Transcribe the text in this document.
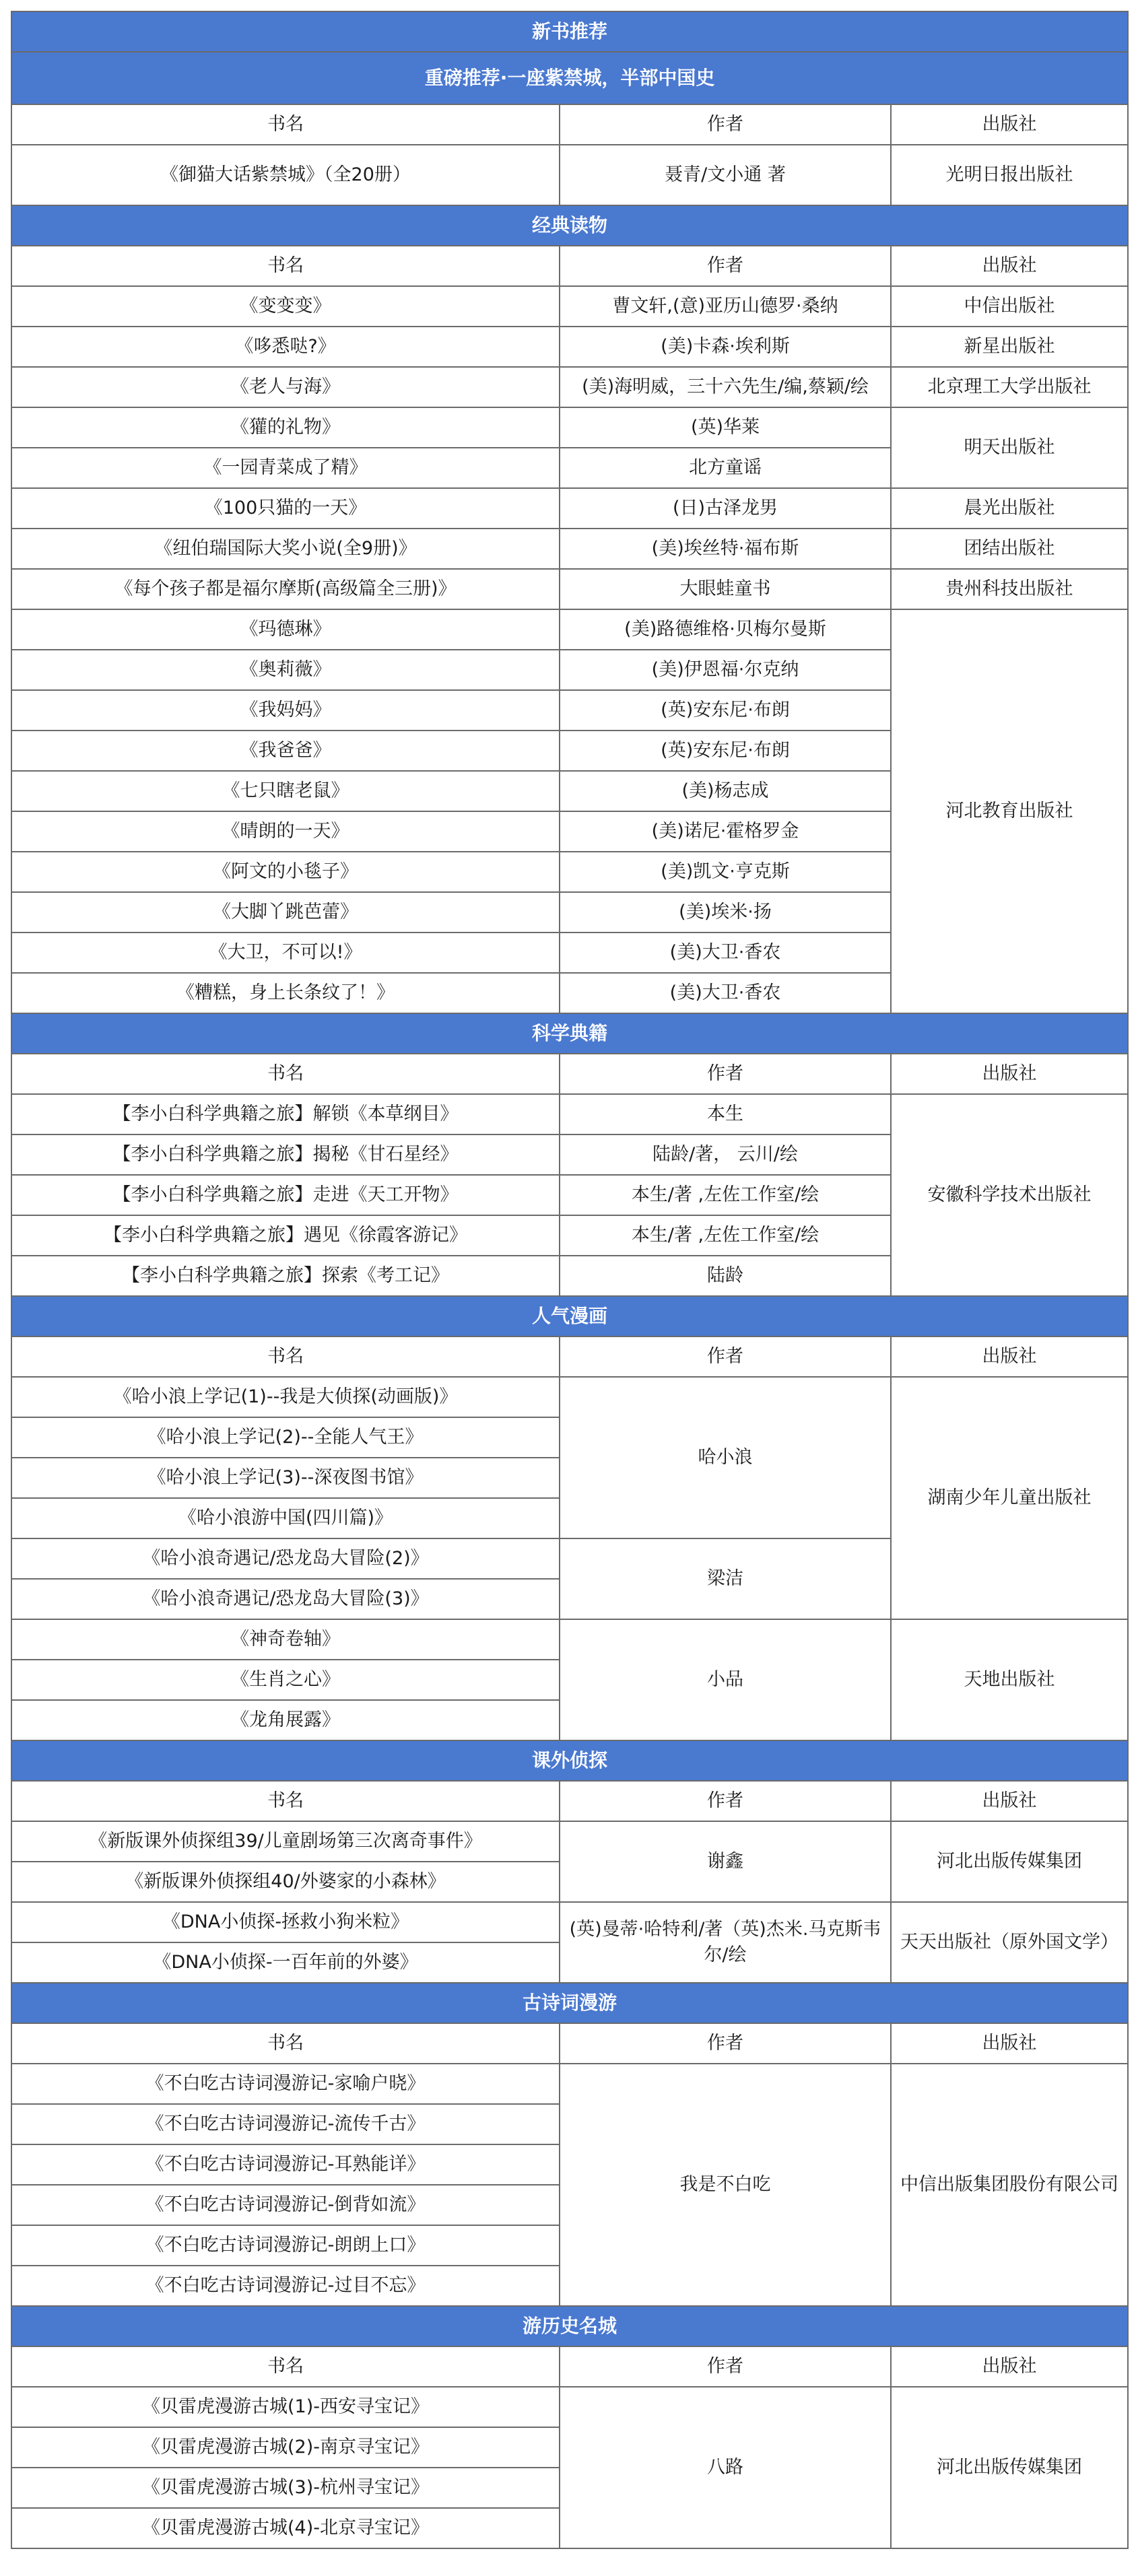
新书推荐		
重磅推荐·一座紫禁城，半部中国史		
书名	作者	出版社
《御猫大话紫禁城》（全20册）	聂青/文小通 著	光明日报出版社
经典读物		
书名	作者	出版社
《变变变》	曹文轩,(意)亚历山德罗·桑纳	中信出版社
《哆悉哒?》	(美)卡森·埃利斯	新星出版社
《老人与海》	(美)海明威，三十六先生/编,蔡颖/绘	北京理工大学出版社
《獾的礼物》	(英)华莱	明天出版社
《一园青菜成了精》	北方童谣	
《100只猫的一天》	(日)古泽龙男	晨光出版社
《纽伯瑞国际大奖小说(全9册)》	(美)埃丝特·福布斯	团结出版社
《每个孩子都是福尔摩斯(高级篇全三册)》	大眼蛙童书	贵州科技出版社
《玛德琳》	(美)路德维格·贝梅尔曼斯	河北教育出版社
《奥莉薇》	(美)伊恩福·尔克纳	
《我妈妈》	(英)安东尼·布朗	
《我爸爸》	(英)安东尼·布朗	
《七只瞎老鼠》	(美)杨志成	
《晴朗的一天》	(美)诺尼·霍格罗金	
《阿文的小毯子》	(美)凯文·亨克斯	
《大脚丫跳芭蕾》	(美)埃米·扬	
《大卫，不可以!》	(美)大卫·香农	
《糟糕，身上长条纹了！》	(美)大卫·香农	
科学典籍		
书名	作者	出版社
【李小白科学典籍之旅】解锁《本草纲目》	本生	安徽科学技术出版社
【李小白科学典籍之旅】揭秘《甘石星经》	陆龄/著， 云川/绘	
【李小白科学典籍之旅】走进《天工开物》	本生/著 ,左佐工作室/绘	
【李小白科学典籍之旅】遇见《徐霞客游记》	本生/著 ,左佐工作室/绘	
【李小白科学典籍之旅】探索《考工记》	陆龄	
人气漫画		
书名	作者	出版社
《哈小浪上学记(1)--我是大侦探(动画版)》	哈小浪	湖南少年儿童出版社
《哈小浪上学记(2)--全能人气王》		
《哈小浪上学记(3)--深夜图书馆》		
《哈小浪游中国(四川篇)》		
《哈小浪奇遇记/恐龙岛大冒险(2)》	梁洁	
《哈小浪奇遇记/恐龙岛大冒险(3)》		
《神奇卷轴》	小品	天地出版社
《生肖之心》		
《龙角展露》		
课外侦探		
书名	作者	出版社
《新版课外侦探组39/儿童剧场第三次离奇事件》	谢鑫	河北出版传媒集团
《新版课外侦探组40/外婆家的小森林》		
《DNA小侦探-拯救小狗米粒》	(英)曼蒂·哈特利/著（英)杰米.马克斯韦尔/绘	天天出版社（原外国文学）
《DNA小侦探-一百年前的外婆》		
古诗词漫游		
书名	作者	出版社
《不白吃古诗词漫游记-家喻户晓》	我是不白吃	中信出版集团股份有限公司
《不白吃古诗词漫游记-流传千古》		
《不白吃古诗词漫游记-耳熟能详》		
《不白吃古诗词漫游记-倒背如流》		
《不白吃古诗词漫游记-朗朗上口》		
《不白吃古诗词漫游记-过目不忘》		
游历史名城		
书名	作者	出版社
《贝雷虎漫游古城(1)-西安寻宝记》	八路	河北出版传媒集团
《贝雷虎漫游古城(2)-南京寻宝记》		
《贝雷虎漫游古城(3)-杭州寻宝记》		
《贝雷虎漫游古城(4)-北京寻宝记》		
